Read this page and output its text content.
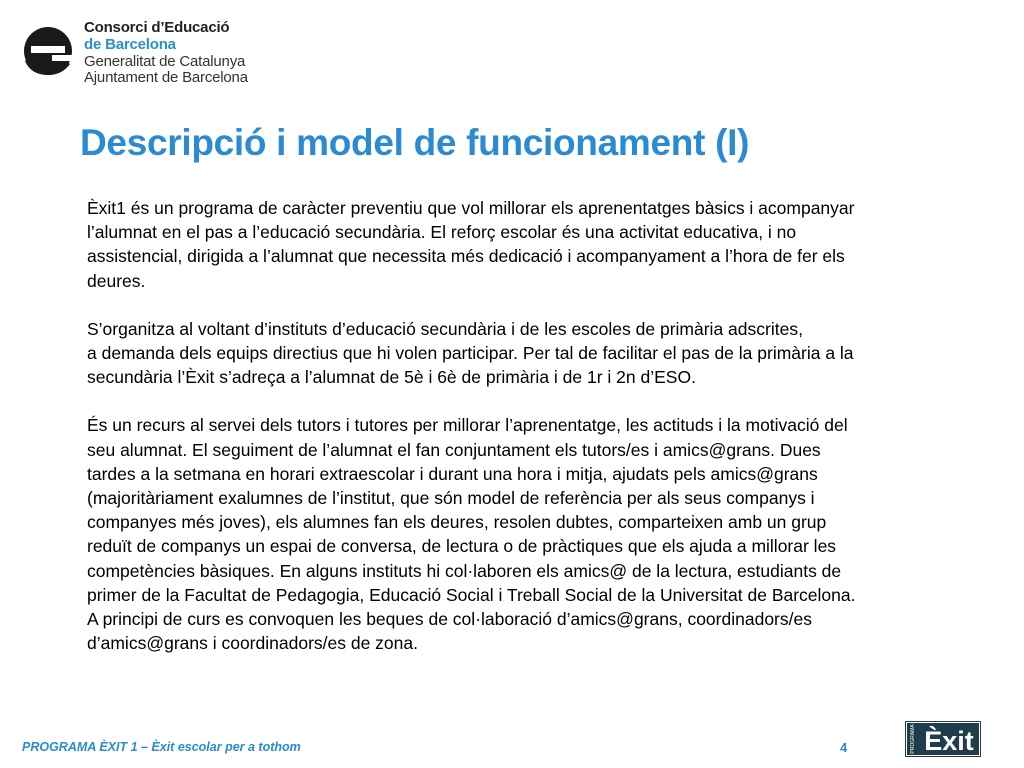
Consorci d’Educació
de Barcelona
Generalitat de Catalunya
Ajuntament de Barcelona
Descripció i model de funcionament (I)

Èxit1 és un programa de caràcter preventiu que vol millorar els aprenentatges bàsics i acompanyar
l’alumnat en el pas a l’educació secundària. El reforç escolar és una activitat educativa, i no
assistencial, dirigida a l’alumnat que necessita més dedicació i acompanyament a l’hora de fer els
deures.

S’organitza al voltant d’instituts d’educació secundària i de les escoles de primària adscrites,
a demanda dels equips directius que hi volen participar. Per tal de facilitar el pas de la primària a la
secundària l’Èxit s’adreça a l’alumnat de 5è i 6è de primària i de 1r i 2n d’ESO.

És un recurs al servei dels tutors i tutores per millorar l’aprenentatge, les actituds i la motivació del
seu alumnat. El seguiment de l’alumnat el fan conjuntament els tutors/es i amics@grans. Dues
tardes a la setmana en horari extraescolar i durant una hora i mitja, ajudats pels amics@grans
(majoritàriament exalumnes de l’institut, que són model de referència per als seus companys i
companyes més joves), els alumnes fan els deures, resolen dubtes, comparteixen amb un grup
reduït de companys un espai de conversa, de lectura o de pràctiques que els ajuda a millorar les
competències bàsiques. En alguns instituts hi col·laboren els amics@ de la lectura, estudiants de
primer de la Facultat de Pedagogia, Educació Social i Treball Social de la Universitat de Barcelona.
A principi de curs es convoquen les beques de col·laboració d’amics@grans, coordinadors/es
d’amics@grans i coordinadors/es de zona.

PROGRAMA ÈXIT 1 – Èxit escolar per a tothom	4	PROGRAMA Èxit
